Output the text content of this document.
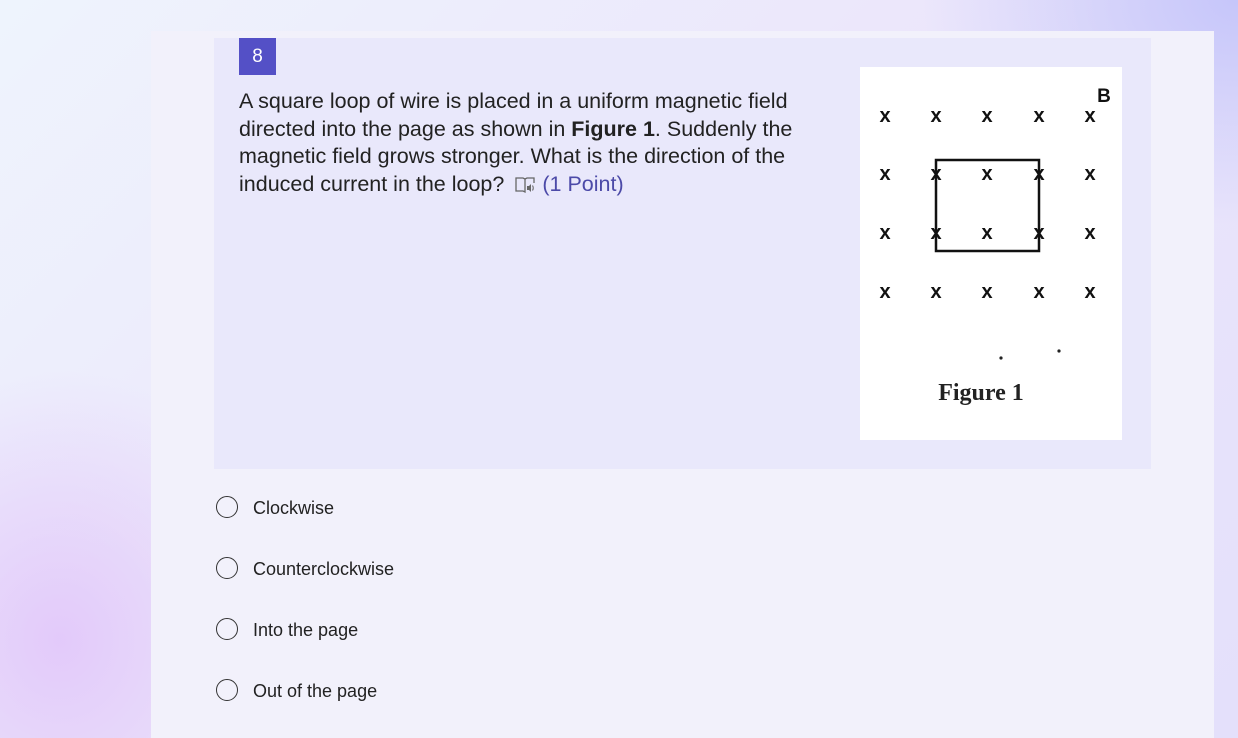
8

A square loop of wire is placed in a uniform magnetic field directed into the page as shown in Figure 1. Suddenly the magnetic field grows stronger. What is the direction of the induced current in the loop? (1 Point)

x x x x x
x x x x x
x x x x x
x x x x x
B
Figure 1
Clockwise
Counterclockwise
Into the page
Out of the page
